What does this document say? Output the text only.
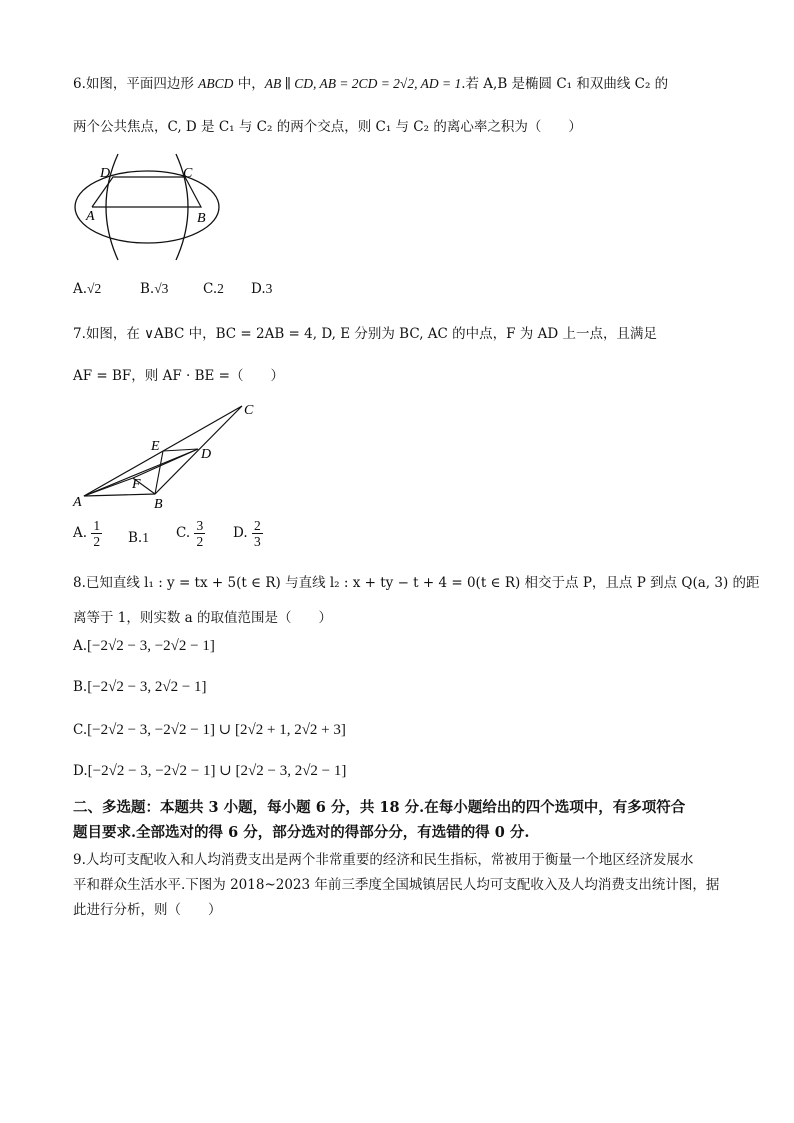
6.如图，平面四边形 ABCD 中，AB ∥ CD, AB = 2CD = 2√2, AD = 1.若 A,B 是椭圆 C₁ 和双曲线 C₂ 的
两个公共焦点，C, D 是 C₁ 与 C₂ 的两个交点，则 C₁ 与 C₂ 的离心率之积为（　　）
D	C
A	B
A.√2	B.√3	C.2 D.3
7.如图，在 ∨ABC 中，BC = 2AB = 4, D, E 分别为 BC, AC 的中点，F 为 AD 上一点，且满足
AF = BF，则 AF · BE =（　　）
A	B
C
D
E
F
A. $\frac{1}{2} B.1$ C. $\frac{3}{2} D$. $\frac{2}{3}$
8.已知直线 l₁ : y = tx + 5(t ∈ R) 与直线 l₂ : x + ty − t + 4 = 0(t ∈ R) 相交于点 P，且点 P 到点 Q(a, 3) 的距
离等于 1，则实数 a 的取值范围是（　　）
A.[−2√2 − 3, −2√2 − 1]
B.[−2√2 − 3, 2√2 − 1]
C.[−2√2 − 3, −2√2 − 1] ∪ [2√2 + 1, 2√2 + 3]
D.[−2√2 − 3, −2√2 − 1] ∪ [2√2 − 3, 2√2 − 1]
二、多选题：本题共 3 小题，每小题 6 分，共 18 分.在每小题给出的四个选项中，有多项符合
题目要求.全部选对的得 6 分，部分选对的得部分分，有选错的得 0 分.
9.人均可支配收入和人均消费支出是两个非常重要的经济和民生指标，常被用于衡量一个地区经济发展水
平和群众生活水平.下图为 2018~2023 年前三季度全国城镇居民人均可支配收入及人均消费支出统计图，据
此进行分析，则（　　）
